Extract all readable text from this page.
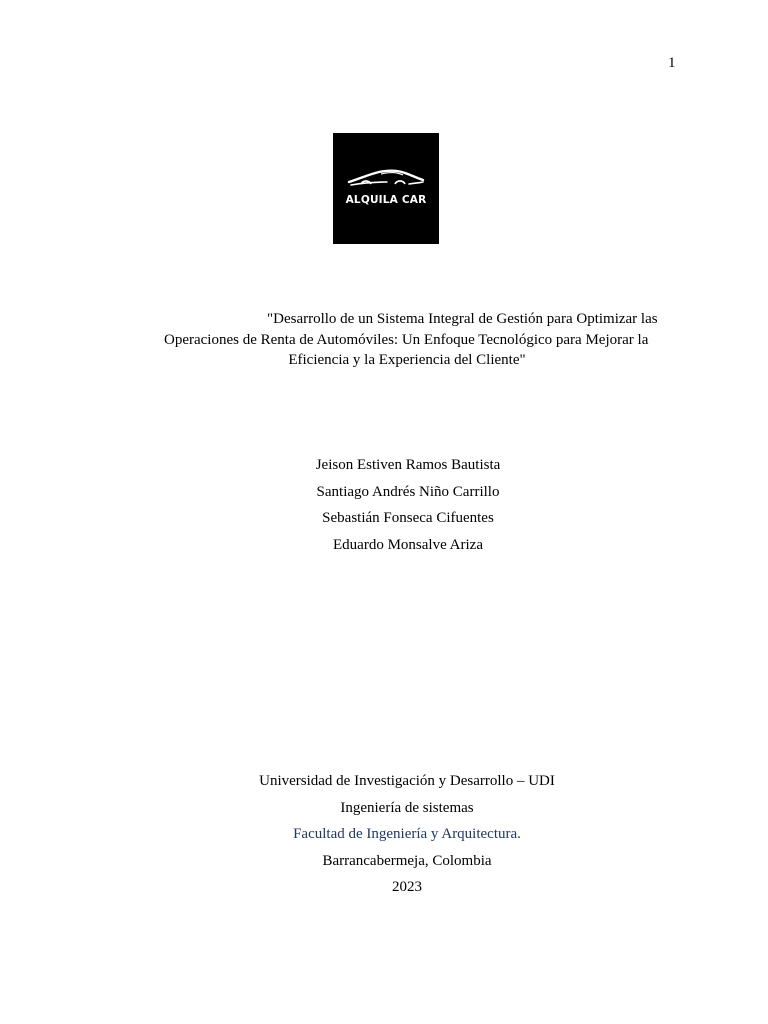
1
ALQUILA CAR
"Desarrollo de un Sistema Integral de Gestión para Optimizar las
Operaciones de Renta de Automóviles: Un Enfoque Tecnológico para Mejorar la
Eficiencia y la Experiencia del Cliente"
Jeison Estiven Ramos Bautista
Santiago Andrés Niño Carrillo
Sebastián Fonseca Cifuentes
Eduardo Monsalve Ariza
Universidad de Investigación y Desarrollo – UDI
Ingeniería de sistemas
Facultad de Ingeniería y Arquitectura.
Barrancabermeja, Colombia
2023
